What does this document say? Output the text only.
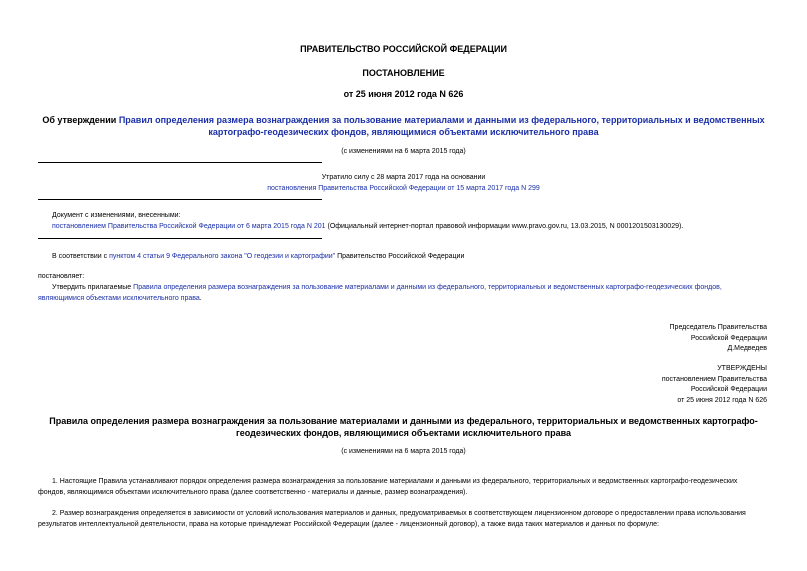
ПРАВИТЕЛЬСТВО РОССИЙСКОЙ ФЕДЕРАЦИИ
ПОСТАНОВЛЕНИЕ
от 25 июня 2012 года N 626
Об утверждении Правил определения размера вознаграждения за пользование материалами и данными из федерального, территориальных и ведомственных
картографо-геодезических фондов, являющимися объектами исключительного права
(с изменениями на 6 марта 2015 года)
Утратило силу с 28 марта 2017 года на основании
постановления Правительства Российской Федерации от 15 марта 2017 года N 299
Документ с изменениями, внесенными:
постановлением Правительства Российской Федерации от 6 марта 2015 года N 201 (Официальный интернет-портал правовой информации www.pravo.gov.ru, 13.03.2015, N 0001201503130029).
В соответствии с пунктом 4 статьи 9 Федерального закона "О геодезии и картографии" Правительство Российской Федерации
постановляет:
Утвердить прилагаемые Правила определения размера вознаграждения за пользование материалами и данными из федерального, территориальных и ведомственных картографо-геодезических фондов,
являющимися объектами исключительного права.
Председатель Правительства
Российской Федерации
Д.Медведев
УТВЕРЖДЕНЫ
постановлением Правительства
Российской Федерации
от 25 июня 2012 года N 626
Правила определения размера вознаграждения за пользование материалами и данными из федерального, территориальных и ведомственных картографо-
геодезических фондов, являющимися объектами исключительного права
(с изменениями на 6 марта 2015 года)
1. Настоящие Правила устанавливают порядок определения размера вознаграждения за пользование материалами и данными из федерального, территориальных и ведомственных картографо-геодезических
фондов, являющимися объектами исключительного права (далее соответственно - материалы и данные, размер вознаграждения).
2. Размер вознаграждения определяется в зависимости от условий использования материалов и данных, предусматриваемых в соответствующем лицензионном договоре о предоставлении права использования
результатов интеллектуальной деятельности, права на которые принадлежат Российской Федерации (далее - лицензионный договор), а также вида таких материалов и данных по формуле:
